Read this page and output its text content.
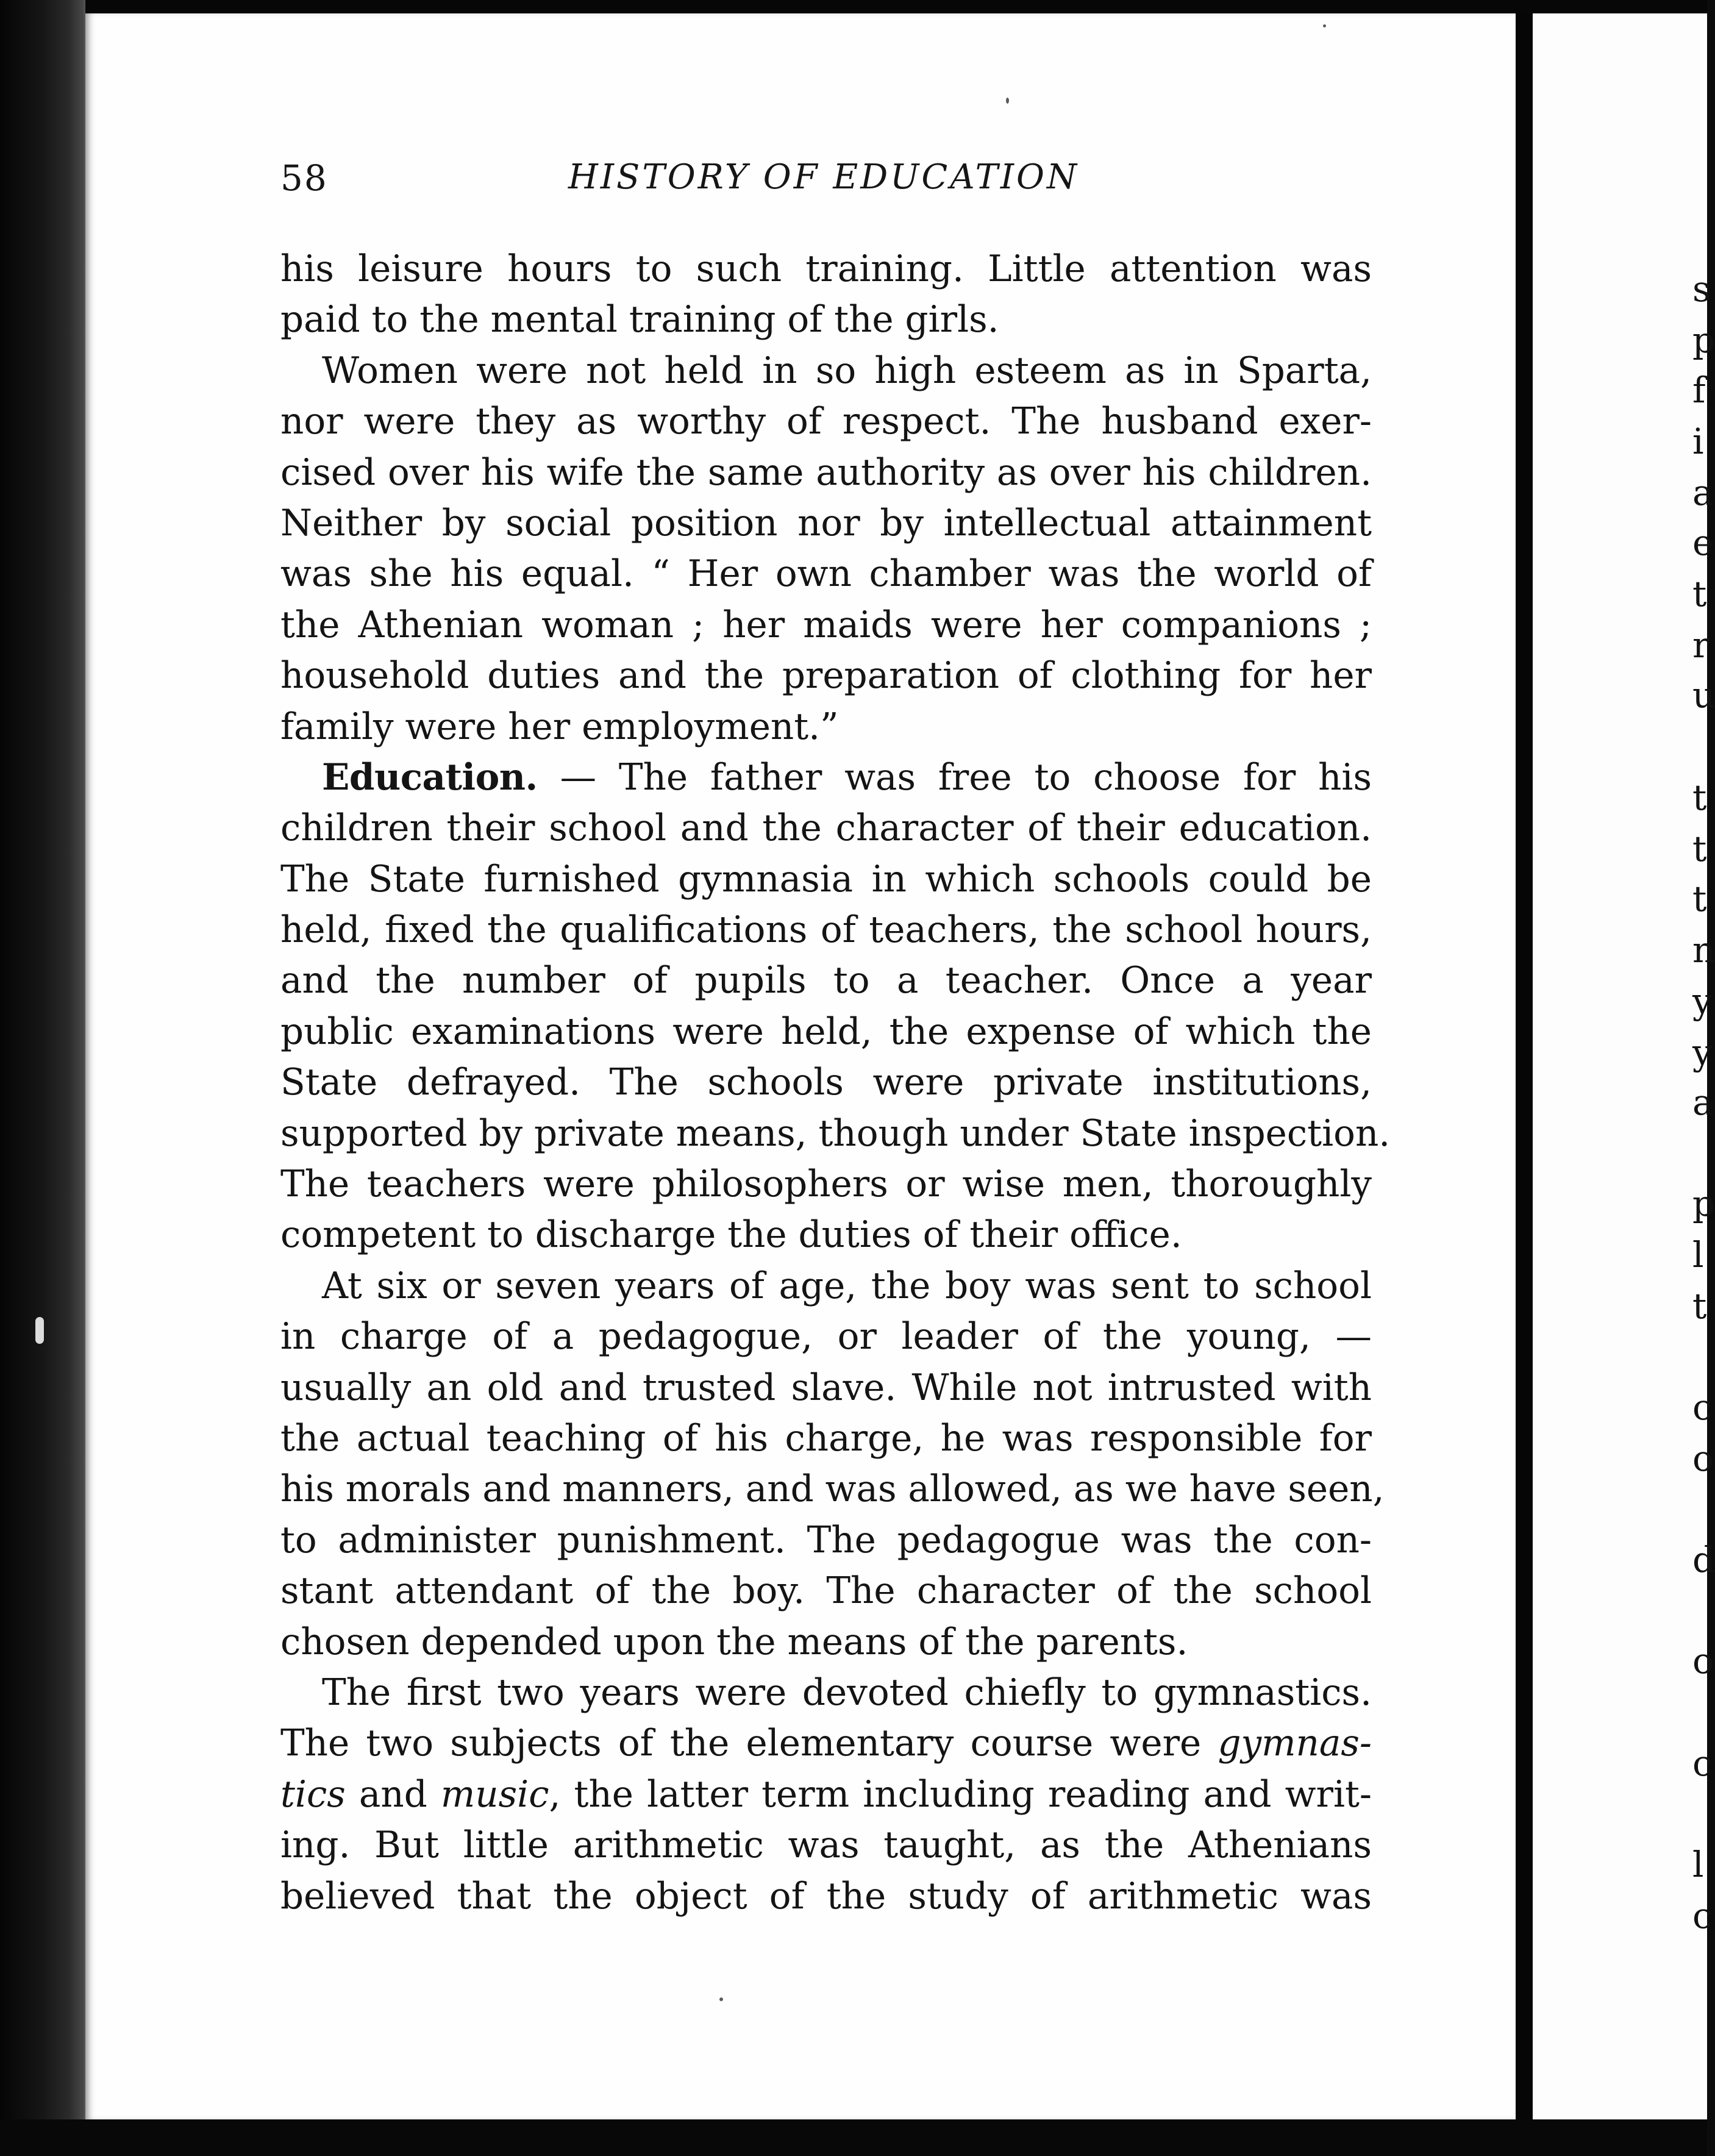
58	HISTORY OF EDUCATION
his leisure hours to such training. Little attention was
paid to the mental training of the girls.
Women were not held in so high esteem as in Sparta,
nor were they as worthy of respect. The husband exer-
cised over his wife the same authority as over his children.
Neither by social position nor by intellectual attainment
was she his equal. “ Her own chamber was the world of
the Athenian woman ; her maids were her companions ;
household duties and the preparation of clothing for her
family were her employment.”
Education. — The father was free to choose for his
children their school and the character of their education.
The State furnished gymnasia in which schools could be
held, fixed the qualifications of teachers, the school hours,
and the number of pupils to a teacher. Once a year
public examinations were held, the expense of which the
State defrayed. The schools were private institutions,
supported by private means, though under State inspection.
The teachers were philosophers or wise men, thoroughly
competent to discharge the duties of their office.
At six or seven years of age, the boy was sent to school
in charge of a pedagogue, or leader of the young, —
usually an old and trusted slave. While not intrusted with
the actual teaching of his charge, he was responsible for
his morals and manners, and was allowed, as we have seen,
to administer punishment. The pedagogue was the con-
stant attendant of the boy. The character of the school
chosen depended upon the means of the parents.
The first two years were devoted chiefly to gymnastics.
The two subjects of the elementary course were gymnas-
tics and music, the latter term including reading and writ-
ing. But little arithmetic was taught, as the Athenians
believed that the object of the study of arithmetic was
s
p
f
i
a
e
t
r
u
t
t
t
n
y
y
a
p
l
t
c
o
d
o
c
l
c
